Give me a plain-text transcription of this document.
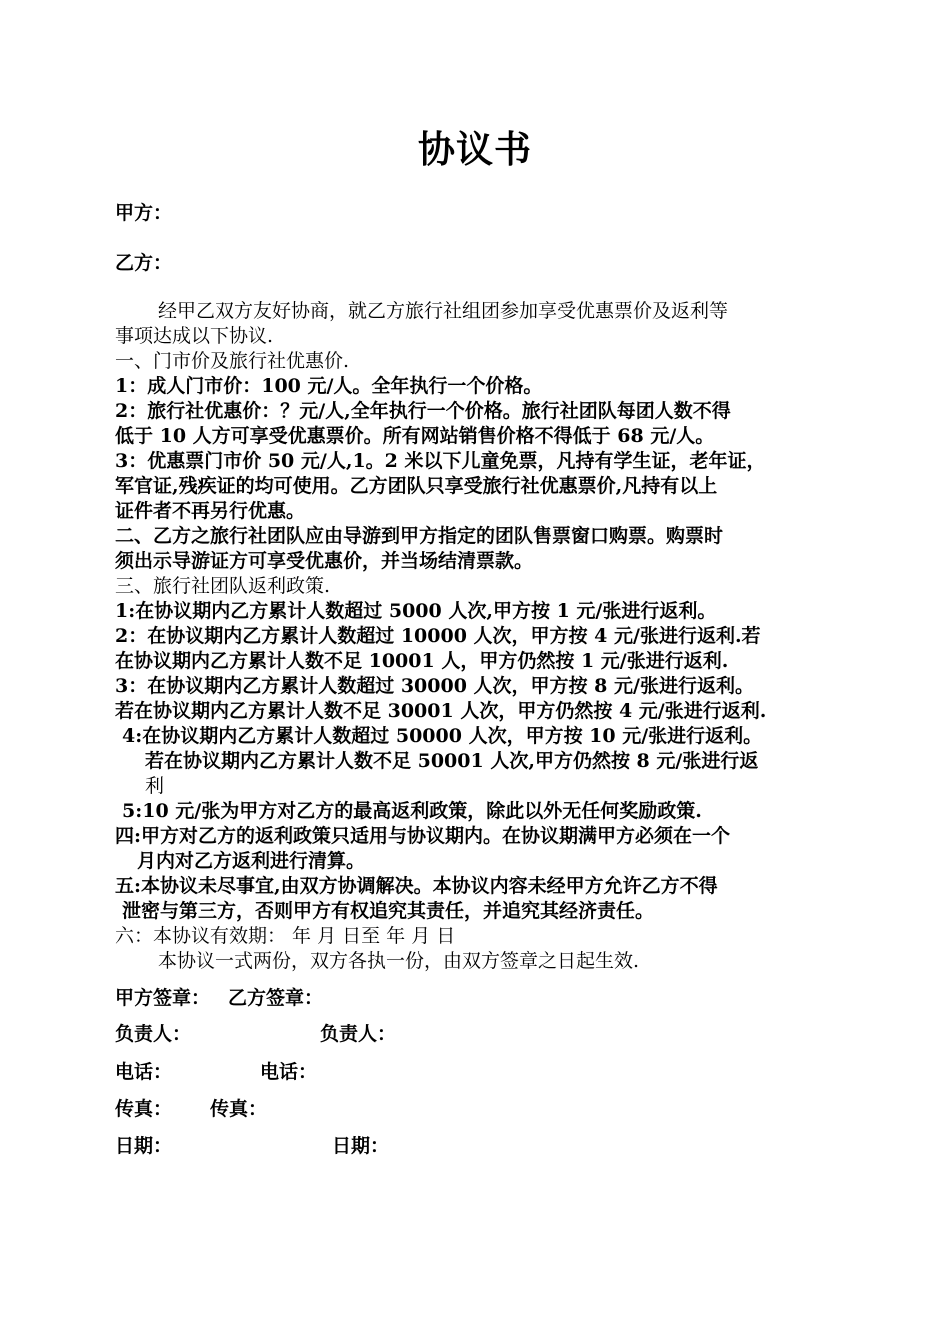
协议书
甲方：
乙方：
经甲乙双方友好协商，就乙方旅行社组团参加享受优惠票价及返利等
事项达成以下协议.
一、门市价及旅行社优惠价.
1：成人门市价：100 元/人。全年执行一个价格。
2：旅行社优惠价：？元/人,全年执行一个价格。旅行社团队每团人数不得
低于 10 人方可享受优惠票价。所有网站销售价格不得低于 68 元/人。
3：优惠票门市价 50 元/人,1。2 米以下儿童免票，凡持有学生证，老年证，
军官证,残疾证的均可使用。乙方团队只享受旅行社优惠票价,凡持有以上
证件者不再另行优惠。
二、乙方之旅行社团队应由导游到甲方指定的团队售票窗口购票。购票时
须出示导游证方可享受优惠价，并当场结清票款。
三、旅行社团队返利政策.
1:在协议期内乙方累计人数超过 5000 人次,甲方按 1 元/张进行返利。
2：在协议期内乙方累计人数超过 10000 人次，甲方按 4 元/张进行返利.若
在协议期内乙方累计人数不足 10001 人，甲方仍然按 1 元/张进行返利.
3：在协议期内乙方累计人数超过 30000 人次，甲方按 8 元/张进行返利。
若在协议期内乙方累计人数不足 30001 人次，甲方仍然按 4 元/张进行返利.
4:在协议期内乙方累计人数超过 50000 人次，甲方按 10 元/张进行返利。
若在协议期内乙方累计人数不足 50001 人次,甲方仍然按 8 元/张进行返
利
5:10 元/张为甲方对乙方的最高返利政策，除此以外无任何奖励政策.
四:甲方对乙方的返利政策只适用与协议期内。在协议期满甲方必须在一个
月内对乙方返利进行清算。
五:本协议未尽事宜,由双方协调解决。本协议内容未经甲方允许乙方不得
泄密与第三方，否则甲方有权追究其责任，并追究其经济责任。
六：本协议有效期： 年 月 日至 年 月 日
本协议一式两份，双方各执一份，由双方签章之日起生效.
甲方签章： 乙方签章：
负责人：	负责人：
电话：	电话：
传真： 传真：
日期：	日期：
